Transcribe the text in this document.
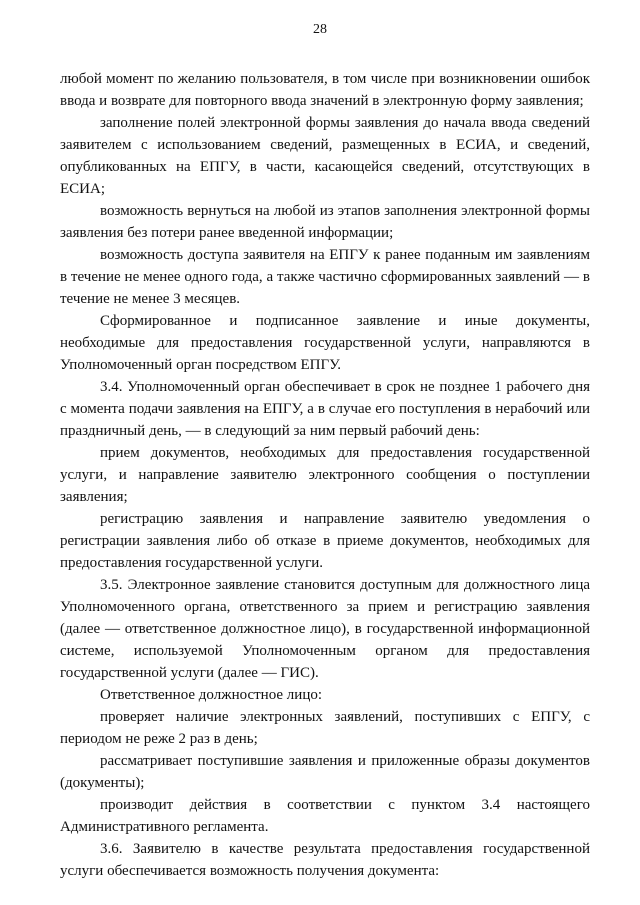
28

любой момент по желанию пользователя, в том числе при возникновении ошибок ввода и возврате для повторного ввода значений в электронную форму заявления;

заполнение полей электронной формы заявления до начала ввода сведений заявителем с использованием сведений, размещенных в ЕСИА, и сведений, опубликованных на ЕПГУ, в части, касающейся сведений, отсутствующих в ЕСИА;

возможность вернуться на любой из этапов заполнения электронной формы заявления без потери ранее введенной информации;

возможность доступа заявителя на ЕПГУ к ранее поданным им заявлениям в течение не менее одного года, а также частично сформированных заявлений — в течение не менее 3 месяцев.

Сформированное и подписанное заявление и иные документы, необходимые для предоставления государственной услуги, направляются в Уполномоченный орган посредством ЕПГУ.

3.4. Уполномоченный орган обеспечивает в срок не позднее 1 рабочего дня с момента подачи заявления на ЕПГУ, а в случае его поступления в нерабочий или праздничный день, — в следующий за ним первый рабочий день:

прием документов, необходимых для предоставления государственной услуги, и направление заявителю электронного сообщения о поступлении заявления;

регистрацию заявления и направление заявителю уведомления о регистрации заявления либо об отказе в приеме документов, необходимых для предоставления государственной услуги.

3.5. Электронное заявление становится доступным для должностного лица Уполномоченного органа, ответственного за прием и регистрацию заявления (далее — ответственное должностное лицо), в государственной информационной системе, используемой Уполномоченным органом для предоставления государственной услуги (далее — ГИС).

Ответственное должностное лицо:

проверяет наличие электронных заявлений, поступивших с ЕПГУ, с периодом не реже 2 раз в день;

рассматривает поступившие заявления и приложенные образы документов (документы);

производит действия в соответствии с пунктом 3.4 настоящего Административного регламента.

3.6. Заявителю в качестве результата предоставления государственной услуги обеспечивается возможность получения документа:
